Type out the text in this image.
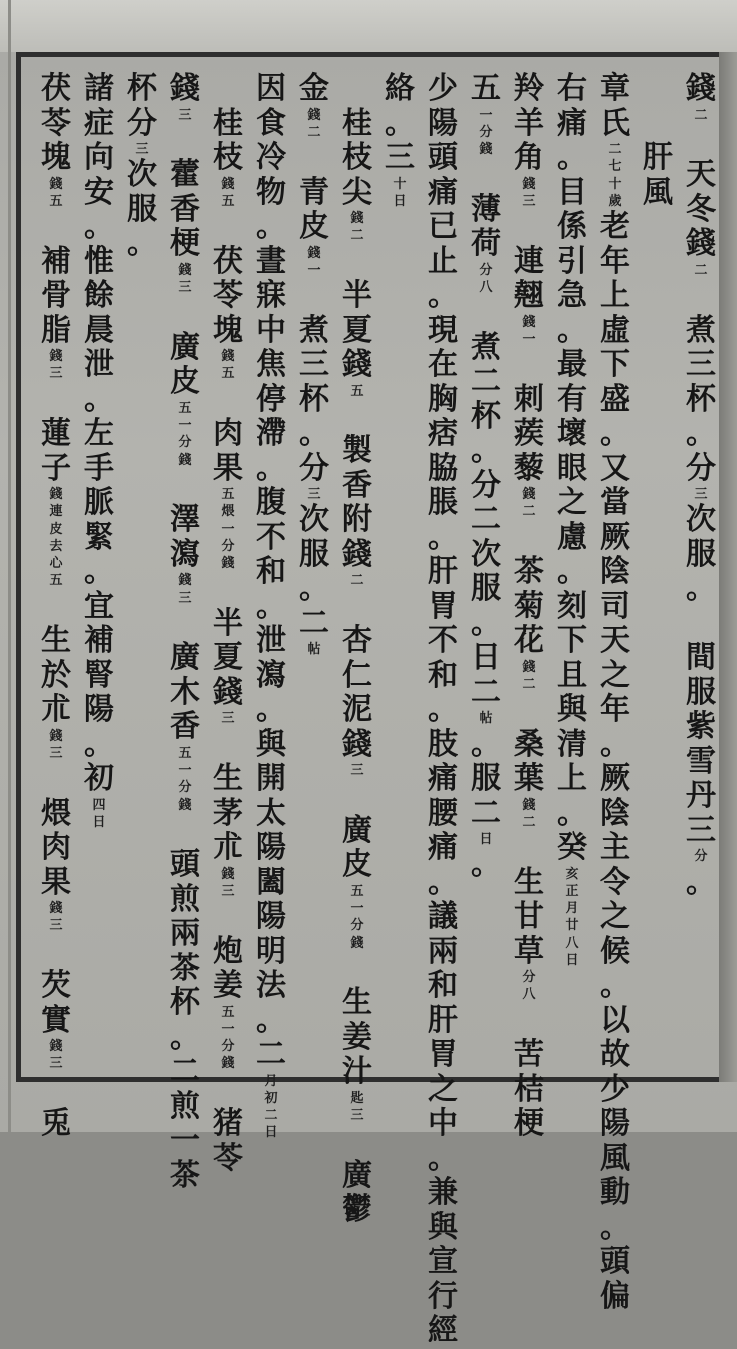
錢
二

天
冬
錢
二

煮
三
杯
。
分
三
次
服
。

間
服
紫
雪
丹
三
分
。

肝
風
章
氏
二
七
十
歲
老
年
上
虛
下
盛
。
又
當
厥
陰
司
天
之
年
。
厥
陰
主
令
之
候
。
以
故
少
陽
風
動
。
頭
偏
右
痛
。
目
係
引
急
。
最
有
壞
眼
之
慮
。
刻
下
且
與
清
上
。
癸
亥
正
月
廿
八
日
羚
羊
角
錢
三

連
翹
錢
一

刺
蒺
藜
錢
二

茶
菊
花
錢
二

桑
葉
錢
二

生
甘
草
分
八

苦
桔
梗
五
一
分
錢

薄
荷
分
八

煮
二
杯
。
分
二
次
服
。
日
二
帖
。
服
二
日
。
少
陽
頭
痛
已
止
。
現
在
胸
痞
脇
脹
。
肝
胃
不
和
。
肢
痛
腰
痛
。
議
兩
和
肝
胃
之
中
。
兼
與
宣
行
經
絡
。
三
十
日

桂
枝
尖
錢
二

半
夏
錢
五

製
香
附
錢
二

杏
仁
泥
錢
三

廣
皮
五
一
分
錢

生
姜
汁
匙
三

廣
鬱
金
錢
二

青
皮
錢
一

煮
三
杯
。
分
三
次
服
。
二
帖
因
食
冷
物
。
晝
寐
中
焦
停
滯
。
腹
不
和
。
泄
瀉
。
與
開
太
陽
闔
陽
明
法
。
二
月
初
二
日

桂
枝
錢
五

茯
苓
塊
錢
五

肉
果
五
煨
一
分
錢

半
夏
錢
三

生
茅
朮
錢
三

炮
姜
五
一
分
錢

猪
苓
錢
三

藿
香
梗
錢
三

廣
皮
五
一
分
錢

澤
瀉
錢
三

廣
木
香
五
一
分
錢

頭
煎
兩
茶
杯
。
二
煎
一
茶
杯
分
三
次
服
。
諸
症
向
安
。
惟
餘
晨
泄
。
左
手
脈
緊
。
宜
補
腎
陽
。
初
四
日
茯
苓
塊
錢
五

補
骨
脂
錢
三

蓮
子
錢
連
皮
去
心
五

生
於
朮
錢
三

煨
肉
果
錢
三

芡
實
錢
三

兎
